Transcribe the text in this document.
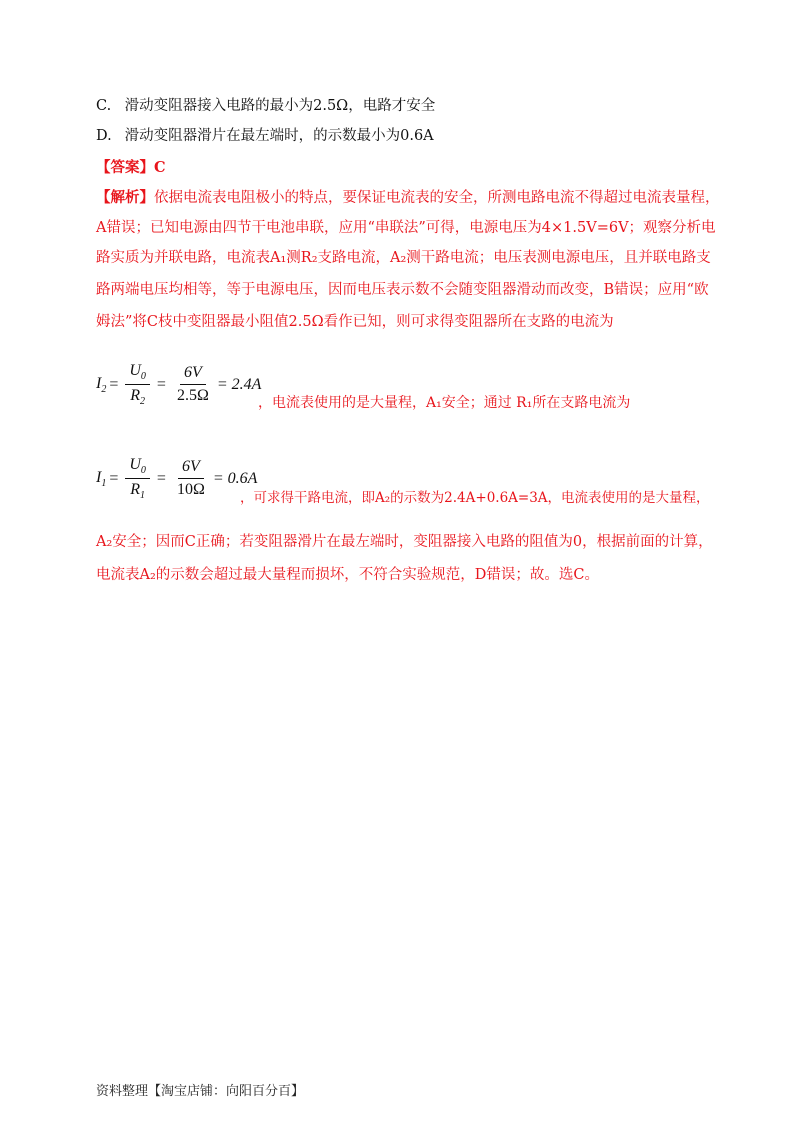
C. 滑动变阻器接入电路的最小为2.5Ω，电路才安全
D. 滑动变阻器滑片在最左端时，的示数最小为0.6A
【答案】C
【解析】依据电流表电阻极小的特点，要保证电流表的安全，所测电路电流不得超过电流表量程，
A错误；已知电源由四节干电池串联，应用“串联法”可得，电源电压为4×1.5V=6V；观察分析电
路实质为并联电路，电流表A₁测R₂支路电流，A₂测干路电流；电压表测电源电压，且并联电路支
路两端电压均相等，等于电源电压，因而电压表示数不会随变阻器滑动而改变，B错误；应用“欧
姆法”将C枝中变阻器最小阻值2.5Ω看作已知，则可求得变阻器所在支路的电流为
$I_2 = \frac{U_0}{R_2} = \frac{6V}{2.5\Omega} = 2.4A$
，电流表使用的是大量程，A₁安全；通过 R₁所在支路电流为
$I_1 = \frac{U_0}{R_1} = \frac{6V}{10\Omega} = 0.6A$
，可求得干路电流，即A₂的示数为2.4A+0.6A=3A，电流表使用的是大量程，
A₂安全；因而C正确；若变阻器滑片在最左端时，变阻器接入电路的阻值为0，根据前面的计算，
电流表A₂的示数会超过最大量程而损坏，不符合实验规范，D错误；故。选C。
资料整理【淘宝店铺：向阳百分百】
